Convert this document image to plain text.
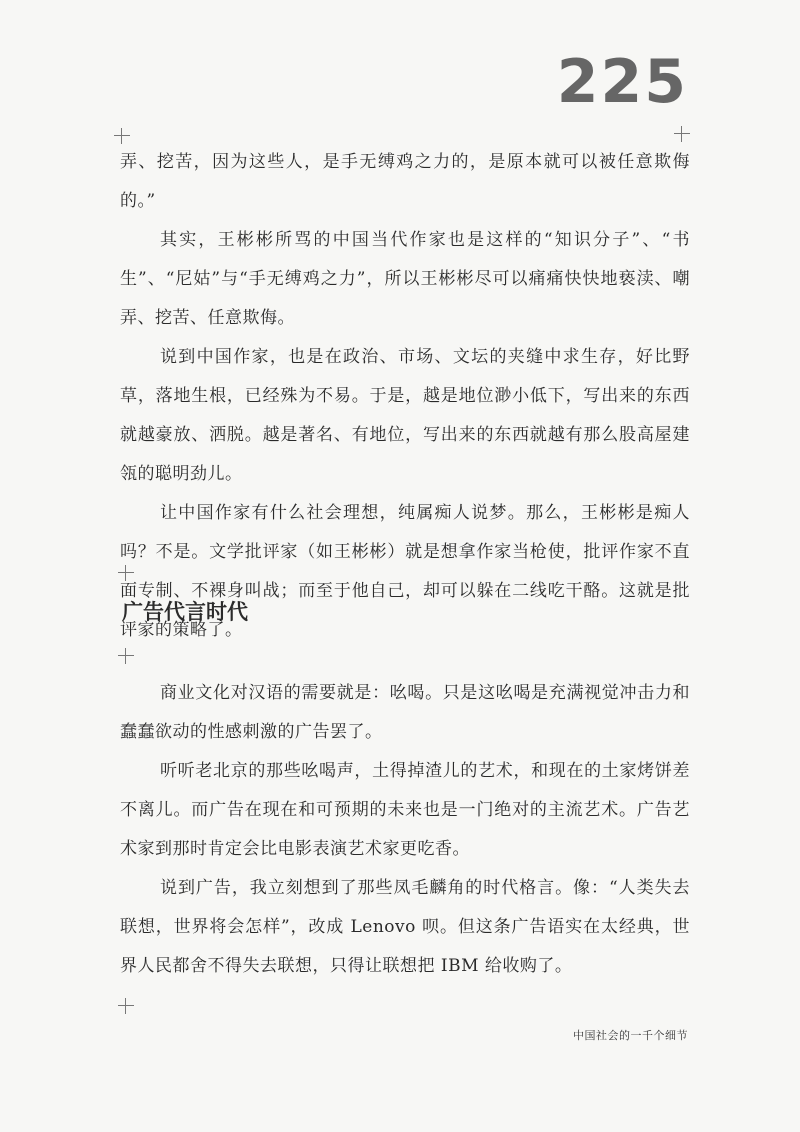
225

弄、挖苦，因为这些人，是手无缚鸡之力的，是原本就可以被任意欺侮的。”

其实，王彬彬所骂的中国当代作家也是这样的“知识分子”、“书生”、“尼姑”与“手无缚鸡之力”，所以王彬彬尽可以痛痛快快地亵渎、嘲弄、挖苦、任意欺侮。

说到中国作家，也是在政治、市场、文坛的夹缝中求生存，好比野草，落地生根，已经殊为不易。于是，越是地位渺小低下，写出来的东西就越豪放、洒脱。越是著名、有地位，写出来的东西就越有那么股高屋建瓴的聪明劲儿。

让中国作家有什么社会理想，纯属痴人说梦。那么，王彬彬是痴人吗？不是。文学批评家（如王彬彬）就是想拿作家当枪使，批评作家不直面专制、不裸身叫战；而至于他自己，却可以躲在二线吃干酪。这就是批评家的策略了。

广告代言时代

商业文化对汉语的需要就是：吆喝。只是这吆喝是充满视觉冲击力和蠢蠢欲动的性感刺激的广告罢了。

听听老北京的那些吆喝声，土得掉渣儿的艺术，和现在的土家烤饼差不离儿。而广告在现在和可预期的未来也是一门绝对的主流艺术。广告艺术家到那时肯定会比电影表演艺术家更吃香。

说到广告，我立刻想到了那些凤毛麟角的时代格言。像：“人类失去联想，世界将会怎样”，改成 Lenovo 呗。但这条广告语实在太经典，世界人民都舍不得失去联想，只得让联想把 IBM 给收购了。

中国社会的一千个细节
